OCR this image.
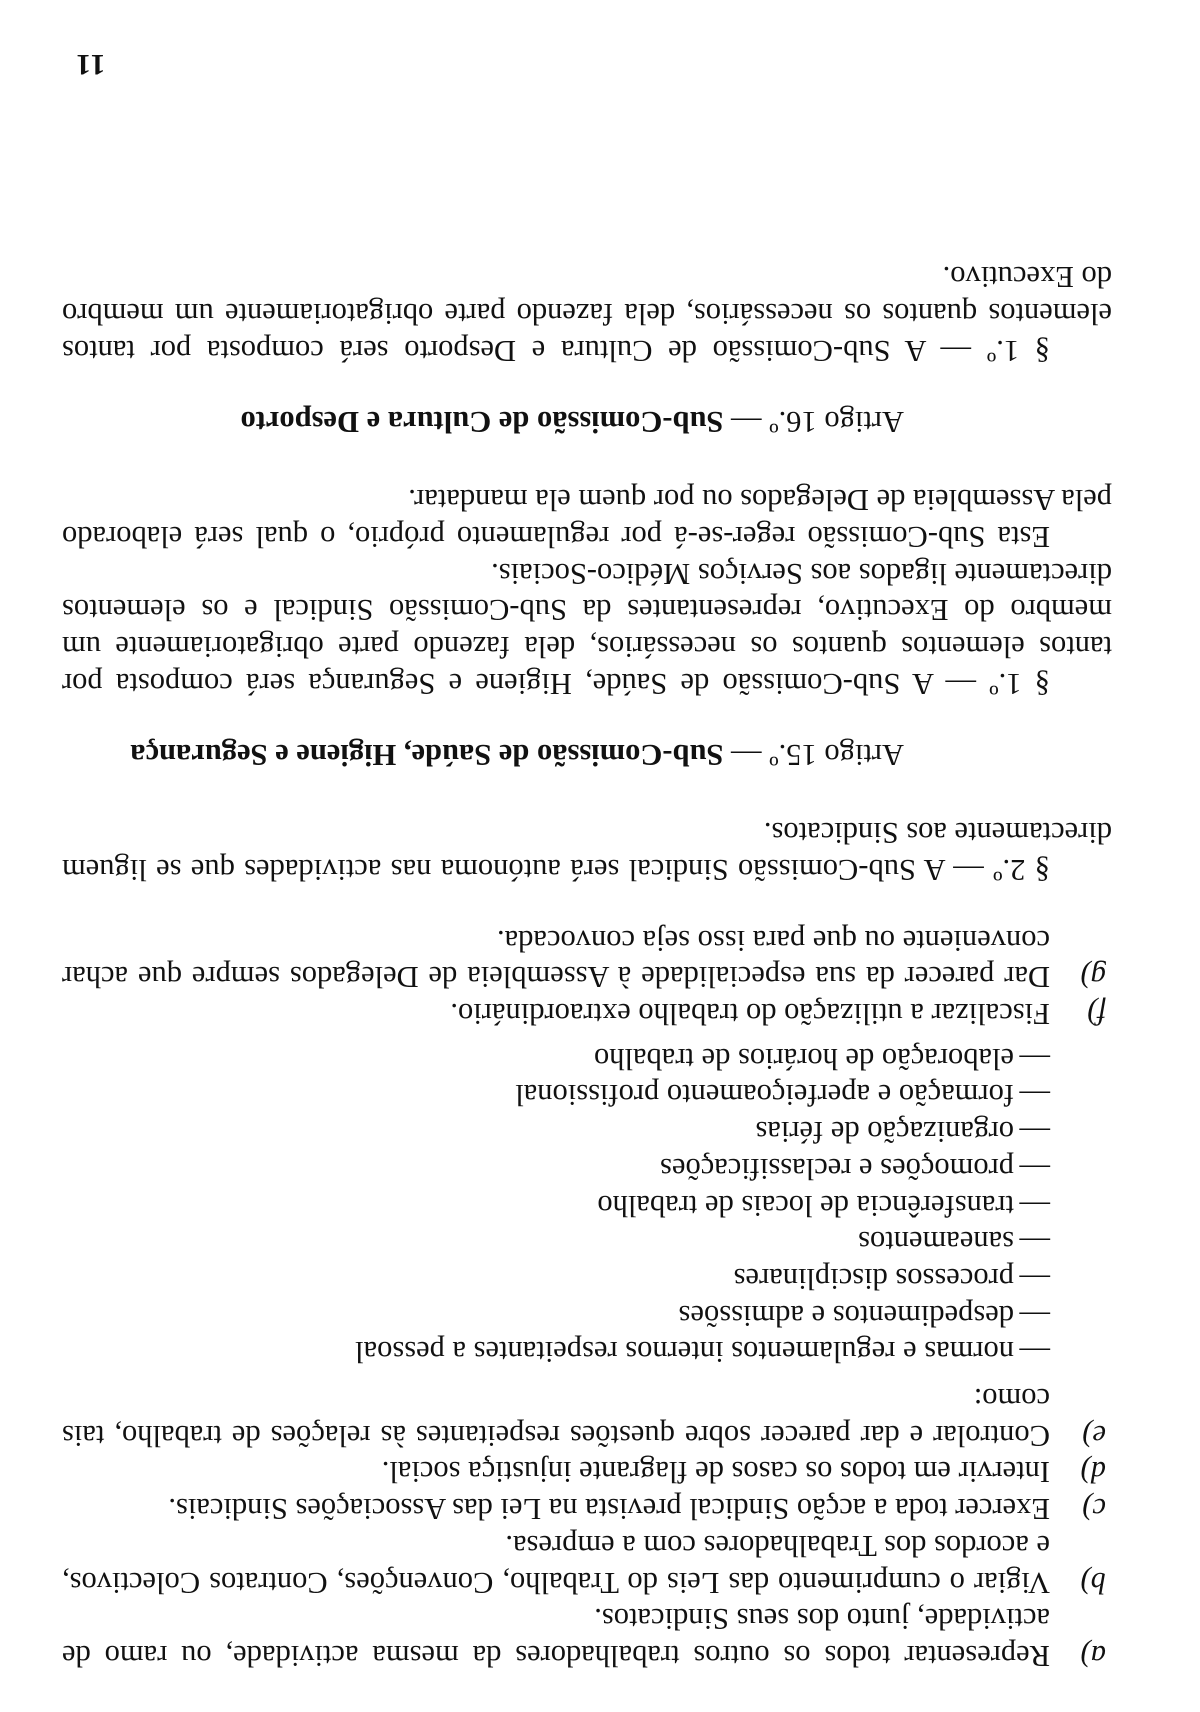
a)
Representar todos os outros trabalhadores da mesma actividade, ou ramo de actividade, junto dos seus Sindicatos.
b)
Vigiar o cumprimento das Leis do Trabalho, Convenções, Contratos Colectivos, e acordos dos Trabalhadores com a empresa.
c)
Exercer toda a acção Sindical prevista na Lei das Associações Sindicais.
d)
Intervir em todos os casos de flagrante injustiça social.
e)
Controlar e dar parecer sobre questões respeitantes às relações de trabalho, tais como:
—
normas e regulamentos internos respeitantes a pessoal
—
despedimentos e admissões
—
processos disciplinares
—
saneamentos
—
transferência de locais de trabalho
—
promoções e reclassificações
—
organização de férias
—
formação e aperfeiçoamento profissional
—
elaboração de horários de trabalho
f)
Fiscalizar a utilização do trabalho extraordinário.
g)
Dar parecer da sua especialidade à Assembleia de Delegados sempre que achar conveniente ou que para isso seja convocada.

§ 2.º — A Sub-Comissão Sindical será autónoma nas actividades que se liguem directamente aos Sindicatos.

Artigo 15.º — Sub-Comissão de Saúde, Higiene e Segurança

§ 1.º — A Sub-Comissão de Saúde, Higiene e Segurança será composta por tantos elementos quantos os necessários, dela fazendo parte obrigatoriamente um membro do Executivo, representantes da Sub-Comissão Sindical e os elementos directamente ligados aos Serviços Médico-Sociais.

Esta Sub-Comissão reger-se-á por regulamento próprio, o qual será elaborado pela Assembleia de Delegados ou por quem ela mandatar.

Artigo 16.º — Sub-Comissão de Cultura e Desporto

§ 1.º — A Sub-Comissão de Cultura e Desporto será composta por tantos elementos quantos os necessários, dela fazendo parte obrigatoriamente um membro do Executivo.

11
